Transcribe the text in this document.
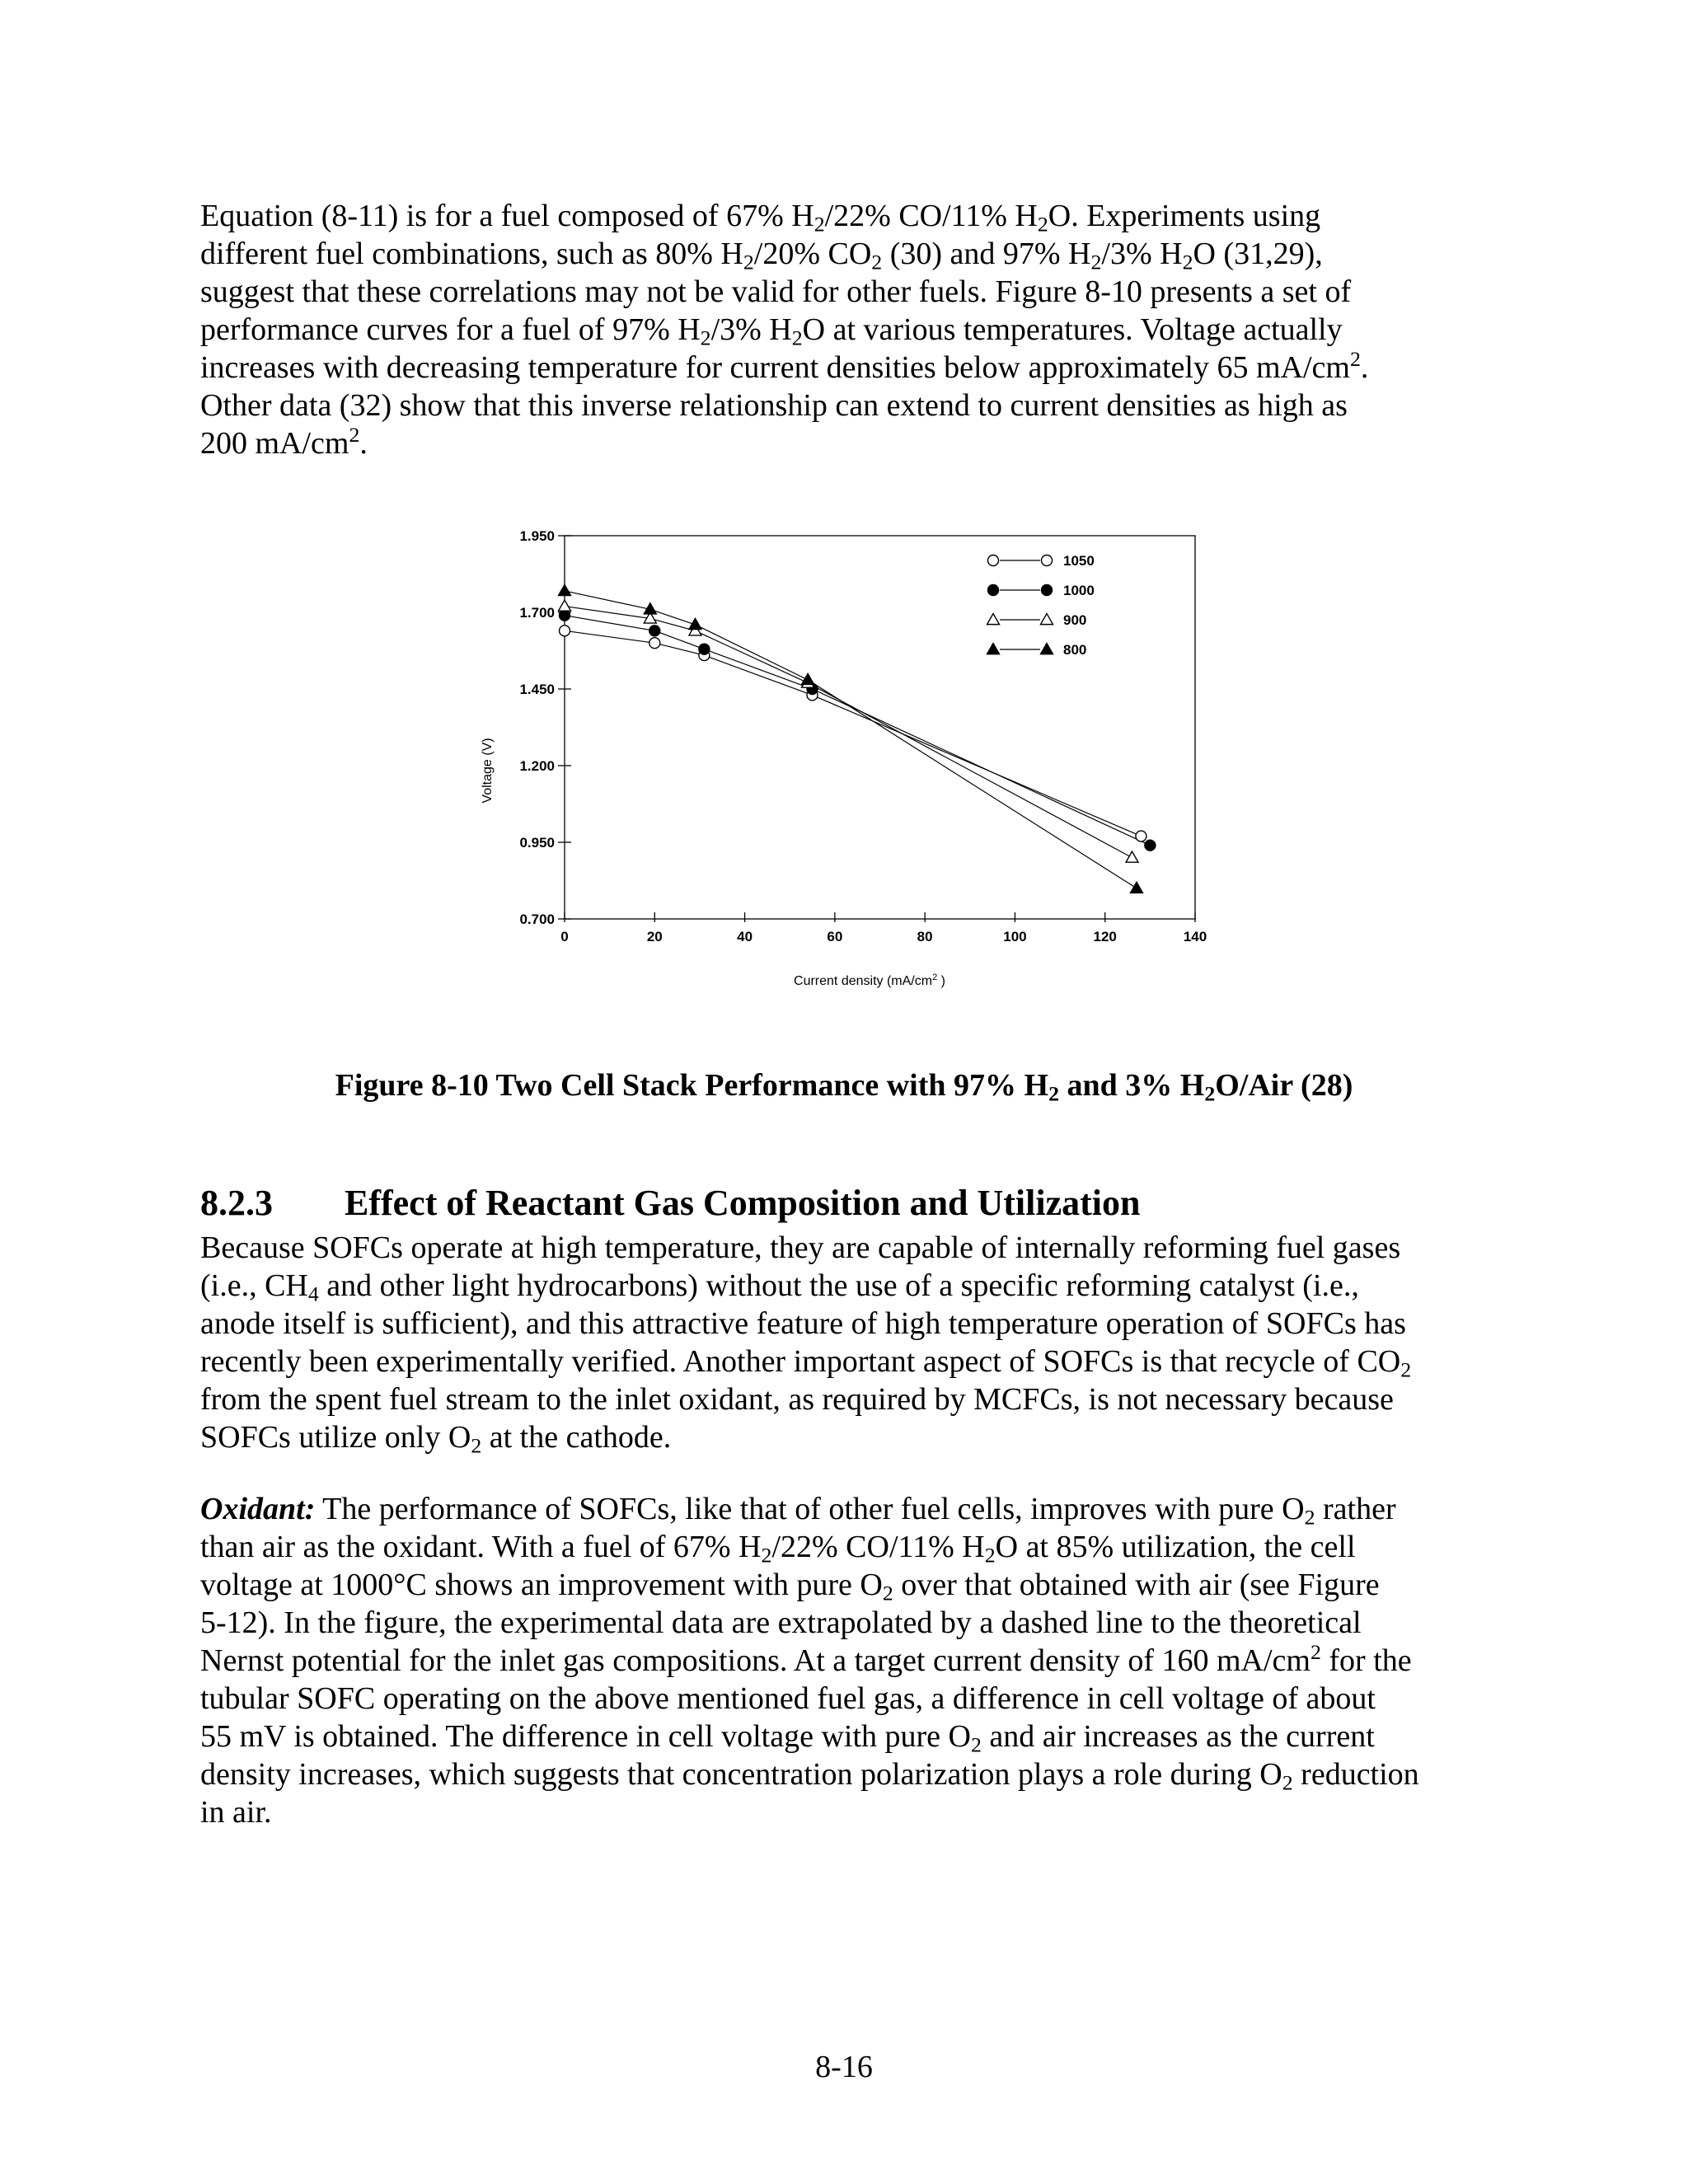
Equation (8-11) is for a fuel composed of 67% $H_2/22\%$ CO/11% $H_2O$. Experiments using
different fuel combinations, such as 80% $H_2/20\%$ $CO_2$ (30) and 97% $H_2/3\%$ $H_2O$ (31,29),
suggest that these correlations may not be valid for other fuels. Figure 8-10 presents a set of
performance curves for a fuel of 97% $H_2/3\%$ $H_2O$ at various temperatures. Voltage actually
increases with decreasing temperature for current densities below approximately 65 $mA/cm^2$.
Other data (32) show that this inverse relationship can extend to current densities as high as
200 $mA/cm^2$.
0.700
0.950
1.200
1.450
1.700
1.950
0	20	40	60	80	100	120	140
1050
1000
900
800
Voltage (V)
Current density ($mA/cm^2$ )
Figure 8-10 Two Cell Stack Performance with 97% $H_2$ and 3% $H_2O$/Air (28)
8.2.3 Effect of Reactant Gas Composition and Utilization
Because SOFCs operate at high temperature, they are capable of internally reforming fuel gases
(i.e., $CH_4$ and other light hydrocarbons) without the use of a specific reforming catalyst (i.e.,
anode itself is sufficient), and this attractive feature of high temperature operation of SOFCs has
recently been experimentally verified. Another important aspect of SOFCs is that recycle of $CO_2$
from the spent fuel stream to the inlet oxidant, as required by MCFCs, is not necessary because
SOFCs utilize only $O_2$ at the cathode.
Oxidant: The performance of SOFCs, like that of other fuel cells, improves with pure $O_2$ rather
than air as the oxidant. With a fuel of 67% $H_2/22\%$ CO/11% $H_2O$ at 85% utilization, the cell
voltage at 1000°C shows an improvement with pure $O_2$ over that obtained with air (see Figure
5-12). In the figure, the experimental data are extrapolated by a dashed line to the theoretical
Nernst potential for the inlet gas compositions. At a target current density of 160 $mA/cm^2$ for the
tubular SOFC operating on the above mentioned fuel gas, a difference in cell voltage of about
55 mV is obtained. The difference in cell voltage with pure $O_2$ and air increases as the current
density increases, which suggests that concentration polarization plays a role during $O_2$ reduction
in air.
8-16
